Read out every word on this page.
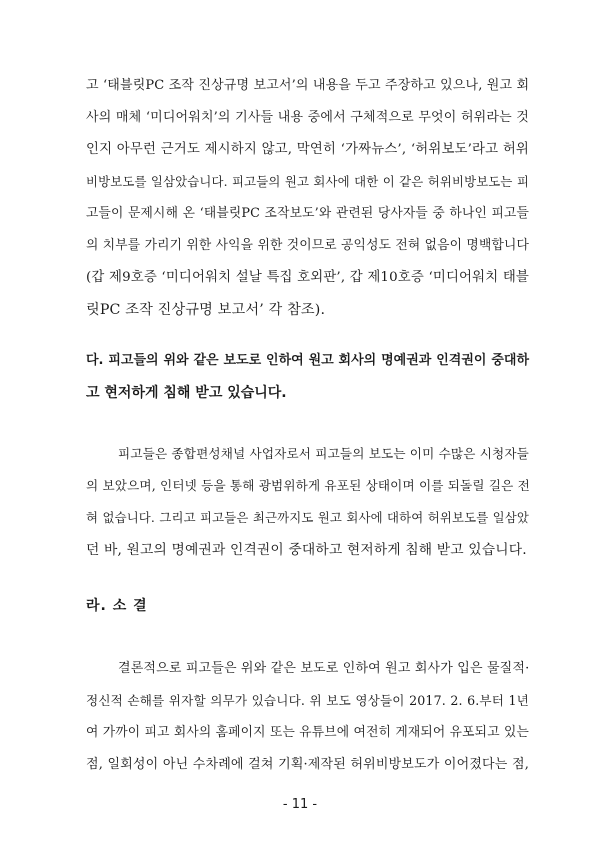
고 ‘태블릿PC 조작 진상규명 보고서’의 내용을 두고 주장하고 있으나, 원고 회
사의 매체 ‘미디어워치’의 기사들 내용 중에서 구체적으로 무엇이 허위라는 것
인지 아무런 근거도 제시하지 않고, 막연히 ‘가짜뉴스’, ‘허위보도’라고 허위
비방보도를 일삼았습니다. 피고들의 원고 회사에 대한 이 같은 허위비방보도는 피
고들이 문제시해 온 ‘태블릿PC 조작보도’와 관련된 당사자들 중 하나인 피고들
의 치부를 가리기 위한 사익을 위한 것이므로 공익성도 전혀 없음이 명백합니다
(갑 제9호증 ‘미디어워치 설날 특집 호외판’, 갑 제10호증 ‘미디어워치 태블
릿PC 조작 진상규명 보고서’ 각 참조).
다. 피고들의 위와 같은 보도로 인하여 원고 회사의 명예권과 인격권이 중대하
고 현저하게 침해 받고 있습니다.
피고들은 종합편성채널 사업자로서 피고들의 보도는 이미 수많은 시청자들
의 보았으며, 인터넷 등을 통해 광범위하게 유포된 상태이며 이를 되돌릴 길은 전
혀 없습니다. 그리고 피고들은 최근까지도 원고 회사에 대하여 허위보도를 일삼았
던 바, 원고의 명예권과 인격권이 중대하고 현저하게 침해 받고 있습니다.
라. 소 결
결론적으로 피고들은 위와 같은 보도로 인하여 원고 회사가 입은 물질적·
정신적 손해를 위자할 의무가 있습니다. 위 보도 영상들이 2017. 2. 6.부터 1년
여 가까이 피고 회사의 홈페이지 또는 유튜브에 여전히 게재되어 유포되고 있는
점, 일회성이 아닌 수차례에 걸쳐 기획·제작된 허위비방보도가 이어졌다는 점,
- 11 -
